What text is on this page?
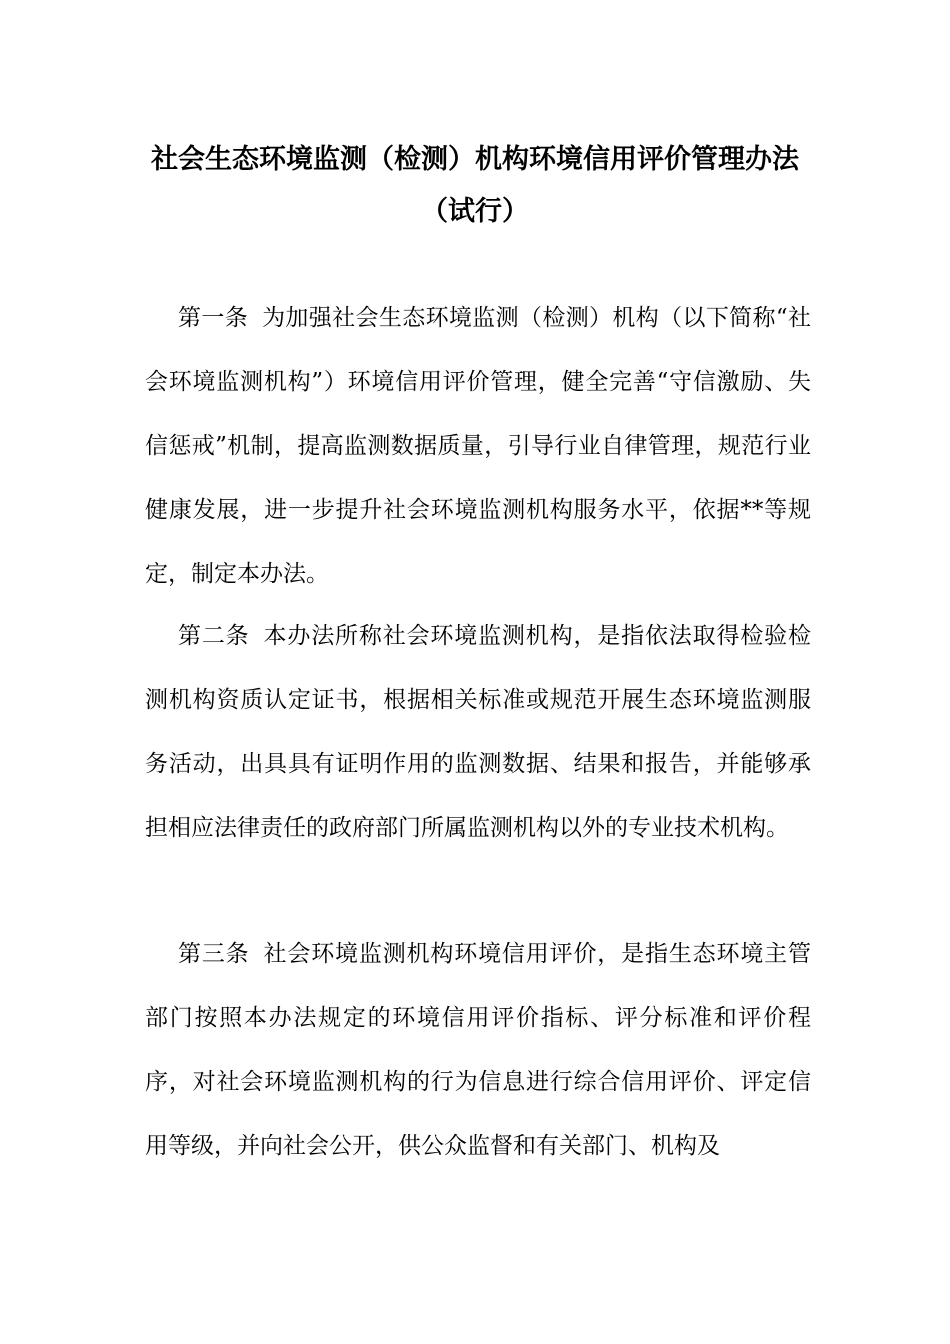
社会生态环境监测（检测）机构环境信用评价管理办法（试行）

第一条 为加强社会生态环境监测（检测）机构（以下简称“社会环境监测机构”）环境信用评价管理，健全完善“守信激励、失信惩戒”机制，提高监测数据质量，引导行业自律管理，规范行业健康发展，进一步提升社会环境监测机构服务水平，依据**等规定，制定本办法。

第二条 本办法所称社会环境监测机构，是指依法取得检验检测机构资质认定证书，根据相关标准或规范开展生态环境监测服务活动，出具具有证明作用的监测数据、结果和报告，并能够承担相应法律责任的政府部门所属监测机构以外的专业技术机构。

第三条 社会环境监测机构环境信用评价，是指生态环境主管部门按照本办法规定的环境信用评价指标、评分标准和评价程序，对社会环境监测机构的行为信息进行综合信用评价、评定信用等级，并向社会公开，供公众监督和有关部门、机构及
